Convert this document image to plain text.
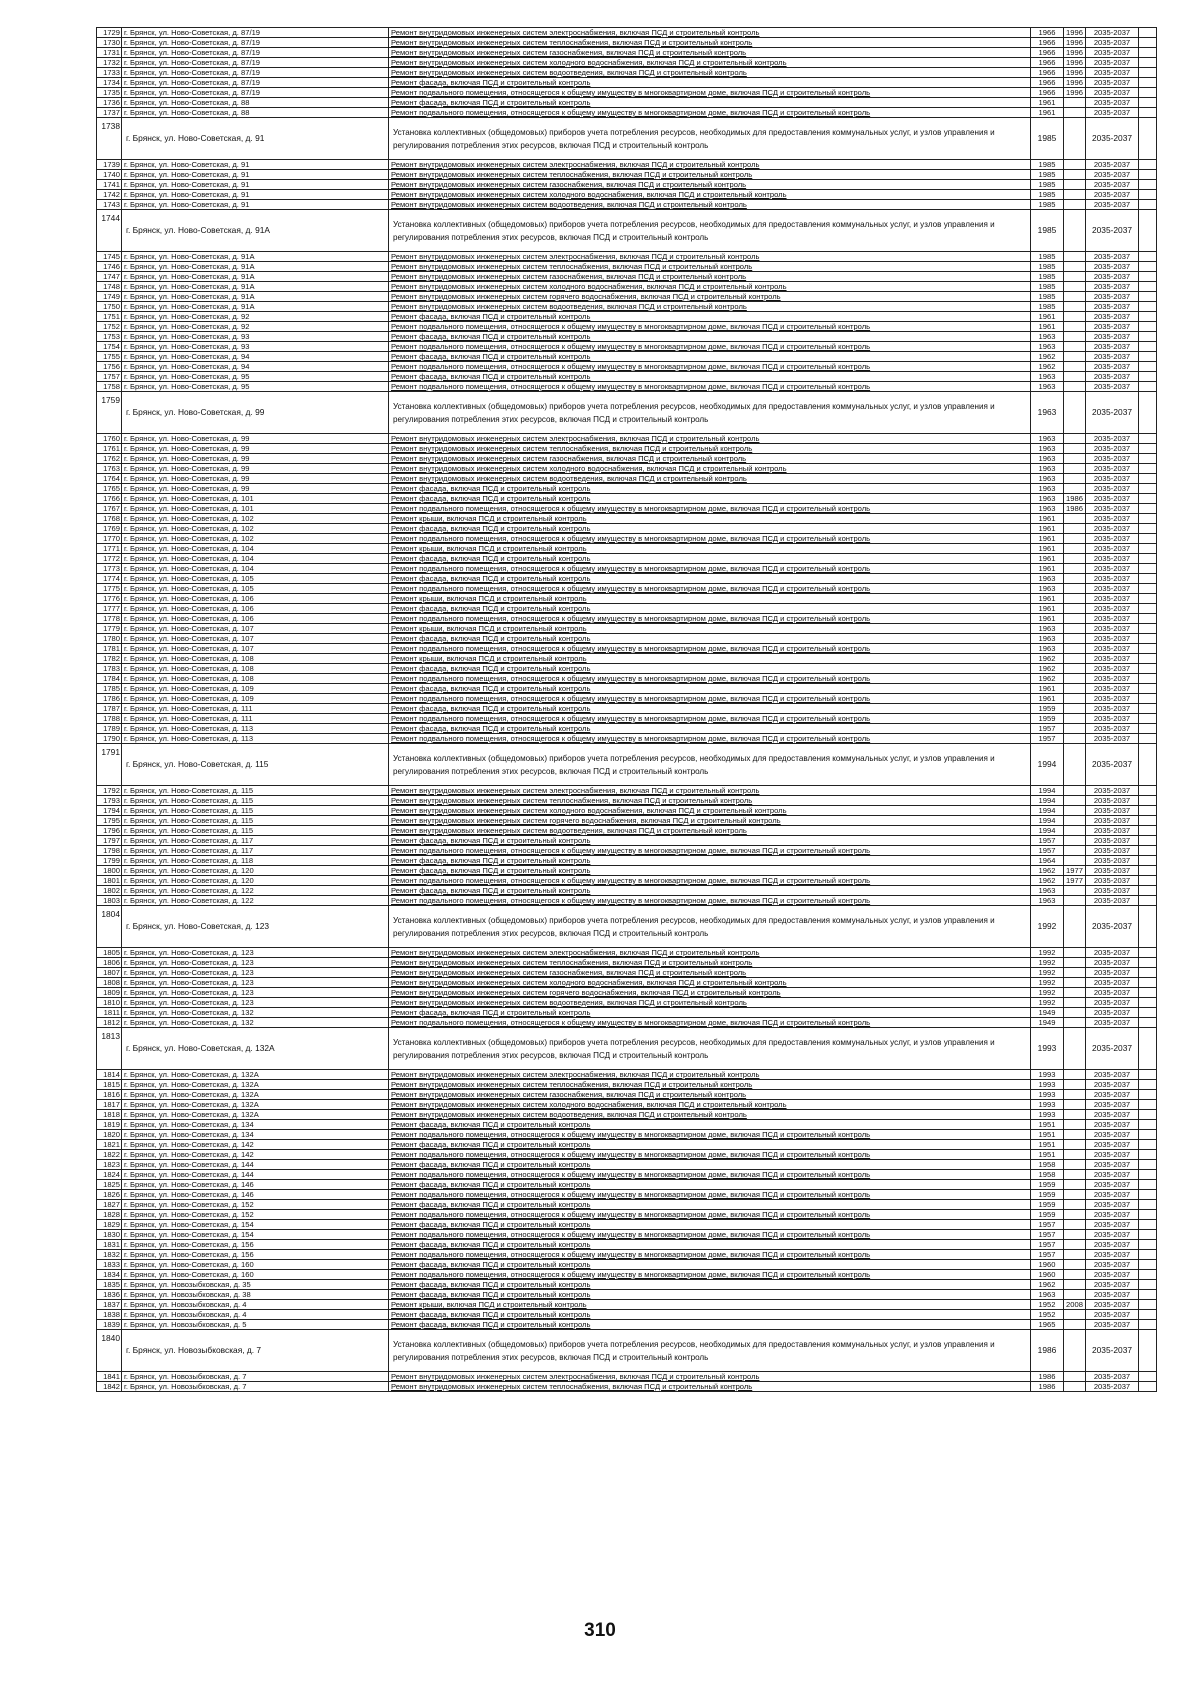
1729	г. Брянск, ул. Ново-Советская, д. 87/19	Ремонт внутридомовых инженерных систем электроснабжения, включая ПСД и строительный контроль	1966	1996	2035-2037	
1730	г. Брянск, ул. Ново-Советская, д. 87/19	Ремонт внутридомовых инженерных систем теплоснабжения, включая ПСД и строительный контроль	1966	1996	2035-2037	
1731	г. Брянск, ул. Ново-Советская, д. 87/19	Ремонт внутридомовых инженерных систем газоснабжения, включая ПСД и строительный контроль	1966	1996	2035-2037	
1732	г. Брянск, ул. Ново-Советская, д. 87/19	Ремонт внутридомовых инженерных систем холодного водоснабжения, включая ПСД и строительный контроль	1966	1996	2035-2037	
1733	г. Брянск, ул. Ново-Советская, д. 87/19	Ремонт внутридомовых инженерных систем водоотведения, включая ПСД и строительный контроль	1966	1996	2035-2037	
1734	г. Брянск, ул. Ново-Советская, д. 87/19	Ремонт фасада, включая ПСД и строительный контроль	1966	1996	2035-2037	
1735	г. Брянск, ул. Ново-Советская, д. 87/19	Ремонт подвального помещения, относящегося к общему имуществу в многоквартирном доме, включая ПСД и строительный контроль	1966	1996	2035-2037	
1736	г. Брянск, ул. Ново-Советская, д. 88	Ремонт фасада, включая ПСД и строительный контроль	1961		2035-2037	
1737	г. Брянск, ул. Ново-Советская, д. 88	Ремонт подвального помещения, относящегося к общему имуществу в многоквартирном доме, включая ПСД и строительный контроль	1961		2035-2037	
1738	г. Брянск, ул. Ново-Советская, д. 91	Установка коллективных (общедомовых) приборов учета потребления ресурсов, необходимых для предоставления коммунальных услуг, и узлов управления и регулирования потребления этих ресурсов, включая ПСД и строительный контроль	1985		2035-2037	
1739	г. Брянск, ул. Ново-Советская, д. 91	Ремонт внутридомовых инженерных систем электроснабжения, включая ПСД и строительный контроль	1985		2035-2037	
1740	г. Брянск, ул. Ново-Советская, д. 91	Ремонт внутридомовых инженерных систем теплоснабжения, включая ПСД и строительный контроль	1985		2035-2037	
1741	г. Брянск, ул. Ново-Советская, д. 91	Ремонт внутридомовых инженерных систем газоснабжения, включая ПСД и строительный контроль	1985		2035-2037	
1742	г. Брянск, ул. Ново-Советская, д. 91	Ремонт внутридомовых инженерных систем холодного водоснабжения, включая ПСД и строительный контроль	1985		2035-2037	
1743	г. Брянск, ул. Ново-Советская, д. 91	Ремонт внутридомовых инженерных систем водоотведения, включая ПСД и строительный контроль	1985		2035-2037	
1744	г. Брянск, ул. Ново-Советская, д. 91А	Установка коллективных (общедомовых) приборов учета потребления ресурсов, необходимых для предоставления коммунальных услуг, и узлов управления и регулирования потребления этих ресурсов, включая ПСД и строительный контроль	1985		2035-2037	
1745	г. Брянск, ул. Ново-Советская, д. 91А	Ремонт внутридомовых инженерных систем электроснабжения, включая ПСД и строительный контроль	1985		2035-2037	
1746	г. Брянск, ул. Ново-Советская, д. 91А	Ремонт внутридомовых инженерных систем теплоснабжения, включая ПСД и строительный контроль	1985		2035-2037	
1747	г. Брянск, ул. Ново-Советская, д. 91А	Ремонт внутридомовых инженерных систем газоснабжения, включая ПСД и строительный контроль	1985		2035-2037	
1748	г. Брянск, ул. Ново-Советская, д. 91А	Ремонт внутридомовых инженерных систем холодного водоснабжения, включая ПСД и строительный контроль	1985		2035-2037	
1749	г. Брянск, ул. Ново-Советская, д. 91А	Ремонт внутридомовых инженерных систем горячего водоснабжения, включая ПСД и строительный контроль	1985		2035-2037	
1750	г. Брянск, ул. Ново-Советская, д. 91А	Ремонт внутридомовых инженерных систем водоотведения, включая ПСД и строительный контроль	1985		2035-2037	
1751	г. Брянск, ул. Ново-Советская, д. 92	Ремонт фасада, включая ПСД и строительный контроль	1961		2035-2037	
1752	г. Брянск, ул. Ново-Советская, д. 92	Ремонт подвального помещения, относящегося к общему имуществу в многоквартирном доме, включая ПСД и строительный контроль	1961		2035-2037	
1753	г. Брянск, ул. Ново-Советская, д. 93	Ремонт фасада, включая ПСД и строительный контроль	1963		2035-2037	
1754	г. Брянск, ул. Ново-Советская, д. 93	Ремонт подвального помещения, относящегося к общему имуществу в многоквартирном доме, включая ПСД и строительный контроль	1963		2035-2037	
1755	г. Брянск, ул. Ново-Советская, д. 94	Ремонт фасада, включая ПСД и строительный контроль	1962		2035-2037	
1756	г. Брянск, ул. Ново-Советская, д. 94	Ремонт подвального помещения, относящегося к общему имуществу в многоквартирном доме, включая ПСД и строительный контроль	1962		2035-2037	
1757	г. Брянск, ул. Ново-Советская, д. 95	Ремонт фасада, включая ПСД и строительный контроль	1963		2035-2037	
1758	г. Брянск, ул. Ново-Советская, д. 95	Ремонт подвального помещения, относящегося к общему имуществу в многоквартирном доме, включая ПСД и строительный контроль	1963		2035-2037	
1759	г. Брянск, ул. Ново-Советская, д. 99	Установка коллективных (общедомовых) приборов учета потребления ресурсов, необходимых для предоставления коммунальных услуг, и узлов управления и регулирования потребления этих ресурсов, включая ПСД и строительный контроль	1963		2035-2037	
1760	г. Брянск, ул. Ново-Советская, д. 99	Ремонт внутридомовых инженерных систем электроснабжения, включая ПСД и строительный контроль	1963		2035-2037	
1761	г. Брянск, ул. Ново-Советская, д. 99	Ремонт внутридомовых инженерных систем теплоснабжения, включая ПСД и строительный контроль	1963		2035-2037	
1762	г. Брянск, ул. Ново-Советская, д. 99	Ремонт внутридомовых инженерных систем газоснабжения, включая ПСД и строительный контроль	1963		2035-2037	
1763	г. Брянск, ул. Ново-Советская, д. 99	Ремонт внутридомовых инженерных систем холодного водоснабжения, включая ПСД и строительный контроль	1963		2035-2037	
1764	г. Брянск, ул. Ново-Советская, д. 99	Ремонт внутридомовых инженерных систем водоотведения, включая ПСД и строительный контроль	1963		2035-2037	
1765	г. Брянск, ул. Ново-Советская, д. 99	Ремонт фасада, включая ПСД и строительный контроль	1963		2035-2037	
1766	г. Брянск, ул. Ново-Советская, д. 101	Ремонт фасада, включая ПСД и строительный контроль	1963	1986	2035-2037	
1767	г. Брянск, ул. Ново-Советская, д. 101	Ремонт подвального помещения, относящегося к общему имуществу в многоквартирном доме, включая ПСД и строительный контроль	1963	1986	2035-2037	
1768	г. Брянск, ул. Ново-Советская, д. 102	Ремонт крыши, включая ПСД и строительный контроль	1961		2035-2037	
1769	г. Брянск, ул. Ново-Советская, д. 102	Ремонт фасада, включая ПСД и строительный контроль	1961		2035-2037	
1770	г. Брянск, ул. Ново-Советская, д. 102	Ремонт подвального помещения, относящегося к общему имуществу в многоквартирном доме, включая ПСД и строительный контроль	1961		2035-2037	
1771	г. Брянск, ул. Ново-Советская, д. 104	Ремонт крыши, включая ПСД и строительный контроль	1961		2035-2037	
1772	г. Брянск, ул. Ново-Советская, д. 104	Ремонт фасада, включая ПСД и строительный контроль	1961		2035-2037	
1773	г. Брянск, ул. Ново-Советская, д. 104	Ремонт подвального помещения, относящегося к общему имуществу в многоквартирном доме, включая ПСД и строительный контроль	1961		2035-2037	
1774	г. Брянск, ул. Ново-Советская, д. 105	Ремонт фасада, включая ПСД и строительный контроль	1963		2035-2037	
1775	г. Брянск, ул. Ново-Советская, д. 105	Ремонт подвального помещения, относящегося к общему имуществу в многоквартирном доме, включая ПСД и строительный контроль	1963		2035-2037	
1776	г. Брянск, ул. Ново-Советская, д. 106	Ремонт крыши, включая ПСД и строительный контроль	1961		2035-2037	
1777	г. Брянск, ул. Ново-Советская, д. 106	Ремонт фасада, включая ПСД и строительный контроль	1961		2035-2037	
1778	г. Брянск, ул. Ново-Советская, д. 106	Ремонт подвального помещения, относящегося к общему имуществу в многоквартирном доме, включая ПСД и строительный контроль	1961		2035-2037	
1779	г. Брянск, ул. Ново-Советская, д. 107	Ремонт крыши, включая ПСД и строительный контроль	1963		2035-2037	
1780	г. Брянск, ул. Ново-Советская, д. 107	Ремонт фасада, включая ПСД и строительный контроль	1963		2035-2037	
1781	г. Брянск, ул. Ново-Советская, д. 107	Ремонт подвального помещения, относящегося к общему имуществу в многоквартирном доме, включая ПСД и строительный контроль	1963		2035-2037	
1782	г. Брянск, ул. Ново-Советская, д. 108	Ремонт крыши, включая ПСД и строительный контроль	1962		2035-2037	
1783	г. Брянск, ул. Ново-Советская, д. 108	Ремонт фасада, включая ПСД и строительный контроль	1962		2035-2037	
1784	г. Брянск, ул. Ново-Советская, д. 108	Ремонт подвального помещения, относящегося к общему имуществу в многоквартирном доме, включая ПСД и строительный контроль	1962		2035-2037	
1785	г. Брянск, ул. Ново-Советская, д. 109	Ремонт фасада, включая ПСД и строительный контроль	1961		2035-2037	
1786	г. Брянск, ул. Ново-Советская, д. 109	Ремонт подвального помещения, относящегося к общему имуществу в многоквартирном доме, включая ПСД и строительный контроль	1961		2035-2037	
1787	г. Брянск, ул. Ново-Советская, д. 111	Ремонт фасада, включая ПСД и строительный контроль	1959		2035-2037	
1788	г. Брянск, ул. Ново-Советская, д. 111	Ремонт подвального помещения, относящегося к общему имуществу в многоквартирном доме, включая ПСД и строительный контроль	1959		2035-2037	
1789	г. Брянск, ул. Ново-Советская, д. 113	Ремонт фасада, включая ПСД и строительный контроль	1957		2035-2037	
1790	г. Брянск, ул. Ново-Советская, д. 113	Ремонт подвального помещения, относящегося к общему имуществу в многоквартирном доме, включая ПСД и строительный контроль	1957		2035-2037	
1791	г. Брянск, ул. Ново-Советская, д. 115	Установка коллективных (общедомовых) приборов учета потребления ресурсов, необходимых для предоставления коммунальных услуг, и узлов управления и регулирования потребления этих ресурсов, включая ПСД и строительный контроль	1994		2035-2037	
1792	г. Брянск, ул. Ново-Советская, д. 115	Ремонт внутридомовых инженерных систем электроснабжения, включая ПСД и строительный контроль	1994		2035-2037	
1793	г. Брянск, ул. Ново-Советская, д. 115	Ремонт внутридомовых инженерных систем теплоснабжения, включая ПСД и строительный контроль	1994		2035-2037	
1794	г. Брянск, ул. Ново-Советская, д. 115	Ремонт внутридомовых инженерных систем холодного водоснабжения, включая ПСД и строительный контроль	1994		2035-2037	
1795	г. Брянск, ул. Ново-Советская, д. 115	Ремонт внутридомовых инженерных систем горячего водоснабжения, включая ПСД и строительный контроль	1994		2035-2037	
1796	г. Брянск, ул. Ново-Советская, д. 115	Ремонт внутридомовых инженерных систем водоотведения, включая ПСД и строительный контроль	1994		2035-2037	
1797	г. Брянск, ул. Ново-Советская, д. 117	Ремонт фасада, включая ПСД и строительный контроль	1957		2035-2037	
1798	г. Брянск, ул. Ново-Советская, д. 117	Ремонт подвального помещения, относящегося к общему имуществу в многоквартирном доме, включая ПСД и строительный контроль	1957		2035-2037	
1799	г. Брянск, ул. Ново-Советская, д. 118	Ремонт фасада, включая ПСД и строительный контроль	1964		2035-2037	
1800	г. Брянск, ул. Ново-Советская, д. 120	Ремонт фасада, включая ПСД и строительный контроль	1962	1977	2035-2037	
1801	г. Брянск, ул. Ново-Советская, д. 120	Ремонт подвального помещения, относящегося к общему имуществу в многоквартирном доме, включая ПСД и строительный контроль	1962	1977	2035-2037	
1802	г. Брянск, ул. Ново-Советская, д. 122	Ремонт фасада, включая ПСД и строительный контроль	1963		2035-2037	
1803	г. Брянск, ул. Ново-Советская, д. 122	Ремонт подвального помещения, относящегося к общему имуществу в многоквартирном доме, включая ПСД и строительный контроль	1963		2035-2037	
1804	г. Брянск, ул. Ново-Советская, д. 123	Установка коллективных (общедомовых) приборов учета потребления ресурсов, необходимых для предоставления коммунальных услуг, и узлов управления и регулирования потребления этих ресурсов, включая ПСД и строительный контроль	1992		2035-2037	
1805	г. Брянск, ул. Ново-Советская, д. 123	Ремонт внутридомовых инженерных систем электроснабжения, включая ПСД и строительный контроль	1992		2035-2037	
1806	г. Брянск, ул. Ново-Советская, д. 123	Ремонт внутридомовых инженерных систем теплоснабжения, включая ПСД и строительный контроль	1992		2035-2037	
1807	г. Брянск, ул. Ново-Советская, д. 123	Ремонт внутридомовых инженерных систем газоснабжения, включая ПСД и строительный контроль	1992		2035-2037	
1808	г. Брянск, ул. Ново-Советская, д. 123	Ремонт внутридомовых инженерных систем холодного водоснабжения, включая ПСД и строительный контроль	1992		2035-2037	
1809	г. Брянск, ул. Ново-Советская, д. 123	Ремонт внутридомовых инженерных систем горячего водоснабжения, включая ПСД и строительный контроль	1992		2035-2037	
1810	г. Брянск, ул. Ново-Советская, д. 123	Ремонт внутридомовых инженерных систем водоотведения, включая ПСД и строительный контроль	1992		2035-2037	
1811	г. Брянск, ул. Ново-Советская, д. 132	Ремонт фасада, включая ПСД и строительный контроль	1949		2035-2037	
1812	г. Брянск, ул. Ново-Советская, д. 132	Ремонт подвального помещения, относящегося к общему имуществу в многоквартирном доме, включая ПСД и строительный контроль	1949		2035-2037	
1813	г. Брянск, ул. Ново-Советская, д. 132А	Установка коллективных (общедомовых) приборов учета потребления ресурсов, необходимых для предоставления коммунальных услуг, и узлов управления и регулирования потребления этих ресурсов, включая ПСД и строительный контроль	1993		2035-2037	
1814	г. Брянск, ул. Ново-Советская, д. 132А	Ремонт внутридомовых инженерных систем электроснабжения, включая ПСД и строительный контроль	1993		2035-2037	
1815	г. Брянск, ул. Ново-Советская, д. 132А	Ремонт внутридомовых инженерных систем теплоснабжения, включая ПСД и строительный контроль	1993		2035-2037	
1816	г. Брянск, ул. Ново-Советская, д. 132А	Ремонт внутридомовых инженерных систем газоснабжения, включая ПСД и строительный контроль	1993		2035-2037	
1817	г. Брянск, ул. Ново-Советская, д. 132А	Ремонт внутридомовых инженерных систем холодного водоснабжения, включая ПСД и строительный контроль	1993		2035-2037	
1818	г. Брянск, ул. Ново-Советская, д. 132А	Ремонт внутридомовых инженерных систем водоотведения, включая ПСД и строительный контроль	1993		2035-2037	
1819	г. Брянск, ул. Ново-Советская, д. 134	Ремонт фасада, включая ПСД и строительный контроль	1951		2035-2037	
1820	г. Брянск, ул. Ново-Советская, д. 134	Ремонт подвального помещения, относящегося к общему имуществу в многоквартирном доме, включая ПСД и строительный контроль	1951		2035-2037	
1821	г. Брянск, ул. Ново-Советская, д. 142	Ремонт фасада, включая ПСД и строительный контроль	1951		2035-2037	
1822	г. Брянск, ул. Ново-Советская, д. 142	Ремонт подвального помещения, относящегося к общему имуществу в многоквартирном доме, включая ПСД и строительный контроль	1951		2035-2037	
1823	г. Брянск, ул. Ново-Советская, д. 144	Ремонт фасада, включая ПСД и строительный контроль	1958		2035-2037	
1824	г. Брянск, ул. Ново-Советская, д. 144	Ремонт подвального помещения, относящегося к общему имуществу в многоквартирном доме, включая ПСД и строительный контроль	1958		2035-2037	
1825	г. Брянск, ул. Ново-Советская, д. 146	Ремонт фасада, включая ПСД и строительный контроль	1959		2035-2037	
1826	г. Брянск, ул. Ново-Советская, д. 146	Ремонт подвального помещения, относящегося к общему имуществу в многоквартирном доме, включая ПСД и строительный контроль	1959		2035-2037	
1827	г. Брянск, ул. Ново-Советская, д. 152	Ремонт фасада, включая ПСД и строительный контроль	1959		2035-2037	
1828	г. Брянск, ул. Ново-Советская, д. 152	Ремонт подвального помещения, относящегося к общему имуществу в многоквартирном доме, включая ПСД и строительный контроль	1959		2035-2037	
1829	г. Брянск, ул. Ново-Советская, д. 154	Ремонт фасада, включая ПСД и строительный контроль	1957		2035-2037	
1830	г. Брянск, ул. Ново-Советская, д. 154	Ремонт подвального помещения, относящегося к общему имуществу в многоквартирном доме, включая ПСД и строительный контроль	1957		2035-2037	
1831	г. Брянск, ул. Ново-Советская, д. 156	Ремонт фасада, включая ПСД и строительный контроль	1957		2035-2037	
1832	г. Брянск, ул. Ново-Советская, д. 156	Ремонт подвального помещения, относящегося к общему имуществу в многоквартирном доме, включая ПСД и строительный контроль	1957		2035-2037	
1833	г. Брянск, ул. Ново-Советская, д. 160	Ремонт фасада, включая ПСД и строительный контроль	1960		2035-2037	
1834	г. Брянск, ул. Ново-Советская, д. 160	Ремонт подвального помещения, относящегося к общему имуществу в многоквартирном доме, включая ПСД и строительный контроль	1960		2035-2037	
1835	г. Брянск, ул. Новозыбковская, д. 35	Ремонт фасада, включая ПСД и строительный контроль	1962		2035-2037	
1836	г. Брянск, ул. Новозыбковская, д. 38	Ремонт фасада, включая ПСД и строительный контроль	1963		2035-2037	
1837	г. Брянск, ул. Новозыбковская, д. 4	Ремонт крыши, включая ПСД и строительный контроль	1952	2008	2035-2037	
1838	г. Брянск, ул. Новозыбковская, д. 4	Ремонт фасада, включая ПСД и строительный контроль	1952		2035-2037	
1839	г. Брянск, ул. Новозыбковская, д. 5	Ремонт фасада, включая ПСД и строительный контроль	1965		2035-2037	
1840	г. Брянск, ул. Новозыбковская, д. 7	Установка коллективных (общедомовых) приборов учета потребления ресурсов, необходимых для предоставления коммунальных услуг, и узлов управления и регулирования потребления этих ресурсов, включая ПСД и строительный контроль	1986		2035-2037	
1841	г. Брянск, ул. Новозыбковская, д. 7	Ремонт внутридомовых инженерных систем электроснабжения, включая ПСД и строительный контроль	1986		2035-2037	
1842	г. Брянск, ул. Новозыбковская, д. 7	Ремонт внутридомовых инженерных систем теплоснабжения, включая ПСД и строительный контроль	1986		2035-2037	
310
